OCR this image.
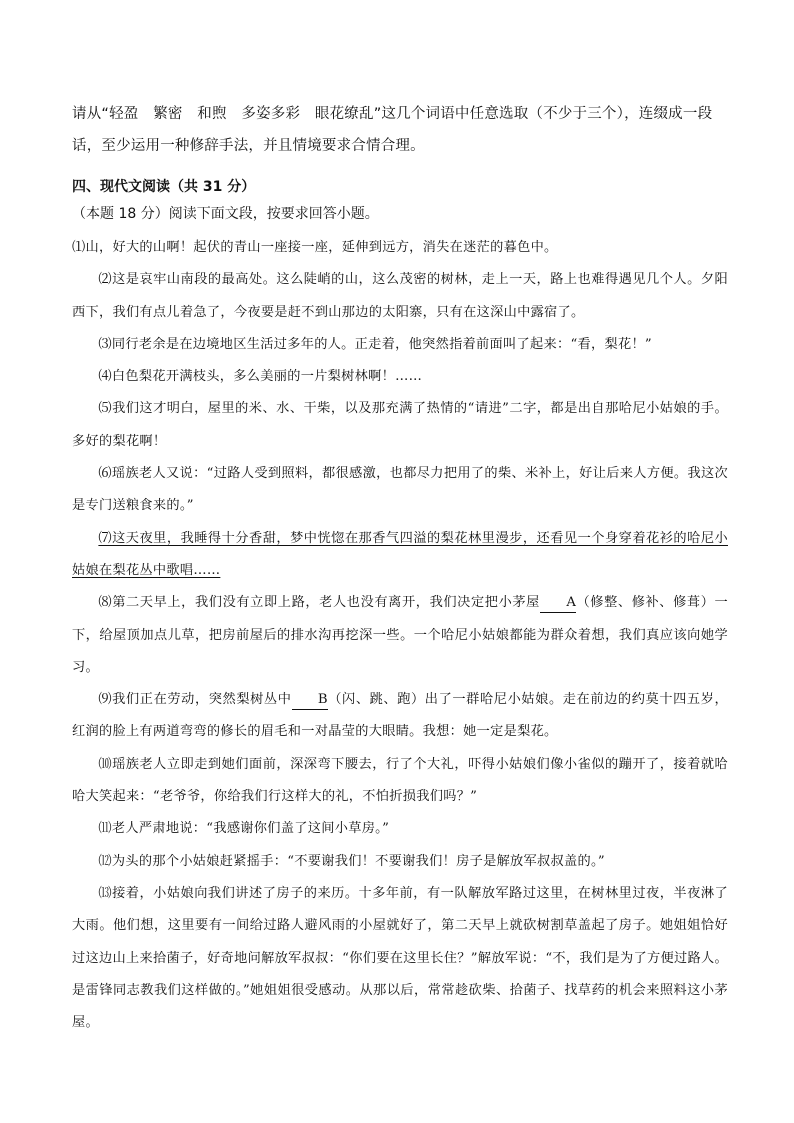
请从“轻盈　繁密　和煦　多姿多彩　眼花缭乱”这几个词语中任意选取（不少于三个），连缀成一段话，至少运用一种修辞手法，并且情境要求合情合理。
四、现代文阅读（共 31 分）
（本题 18 分）阅读下面文段，按要求回答小题。

⑴山，好大的山啊！起伏的青山一座接一座，延伸到远方，消失在迷茫的暮色中。

⑵这是哀牢山南段的最高处。这么陡峭的山，这么茂密的树林，走上一天，路上也难得遇见几个人。夕阳西下，我们有点儿着急了，今夜要是赶不到山那边的太阳寨，只有在这深山中露宿了。

⑶同行老余是在边境地区生活过多年的人。正走着，他突然指着前面叫了起来：“看，梨花！”

⑷白色梨花开满枝头，多么美丽的一片梨树林啊！……

⑸我们这才明白，屋里的米、水、干柴，以及那充满了热情的“请进”二字，都是出自那哈尼小姑娘的手。多好的梨花啊！

⑹瑶族老人又说：“过路人受到照料，都很感激，也都尽力把用了的柴、米补上，好让后来人方便。我这次是专门送粮食来的。”

⑺这天夜里，我睡得十分香甜，梦中恍惚在那香气四溢的梨花林里漫步，还看见一个身穿着花衫的哈尼小姑娘在梨花丛中歌唱……

⑻第二天早上，我们没有立即上路，老人也没有离开，我们决定把小茅屋 A（修整、修补、修葺）一下，给屋顶加点儿草，把房前屋后的排水沟再挖深一些。一个哈尼小姑娘都能为群众着想，我们真应该向她学习。

⑼我们正在劳动，突然梨树丛中 B（闪、跳、跑）出了一群哈尼小姑娘。走在前边的约莫十四五岁，红润的脸上有两道弯弯的修长的眉毛和一对晶莹的大眼睛。我想：她一定是梨花。

⑽瑶族老人立即走到她们面前，深深弯下腰去，行了个大礼，吓得小姑娘们像小雀似的蹦开了，接着就哈哈大笑起来：“老爷爷，你给我们行这样大的礼，不怕折损我们吗？”

⑾老人严肃地说：“我感谢你们盖了这间小草房。”

⑿为头的那个小姑娘赶紧摇手：“不要谢我们！不要谢我们！房子是解放军叔叔盖的。”

⒀接着，小姑娘向我们讲述了房子的来历。十多年前，有一队解放军路过这里，在树林里过夜，半夜淋了大雨。他们想，这里要有一间给过路人避风雨的小屋就好了，第二天早上就砍树割草盖起了房子。她姐姐恰好过这边山上来拾菌子，好奇地问解放军叔叔：“你们要在这里长住？”解放军说：“不，我们是为了方便过路人。是雷锋同志教我们这样做的。”她姐姐很受感动。从那以后，常常趁砍柴、拾菌子、找草药的机会来照料这小茅屋。
